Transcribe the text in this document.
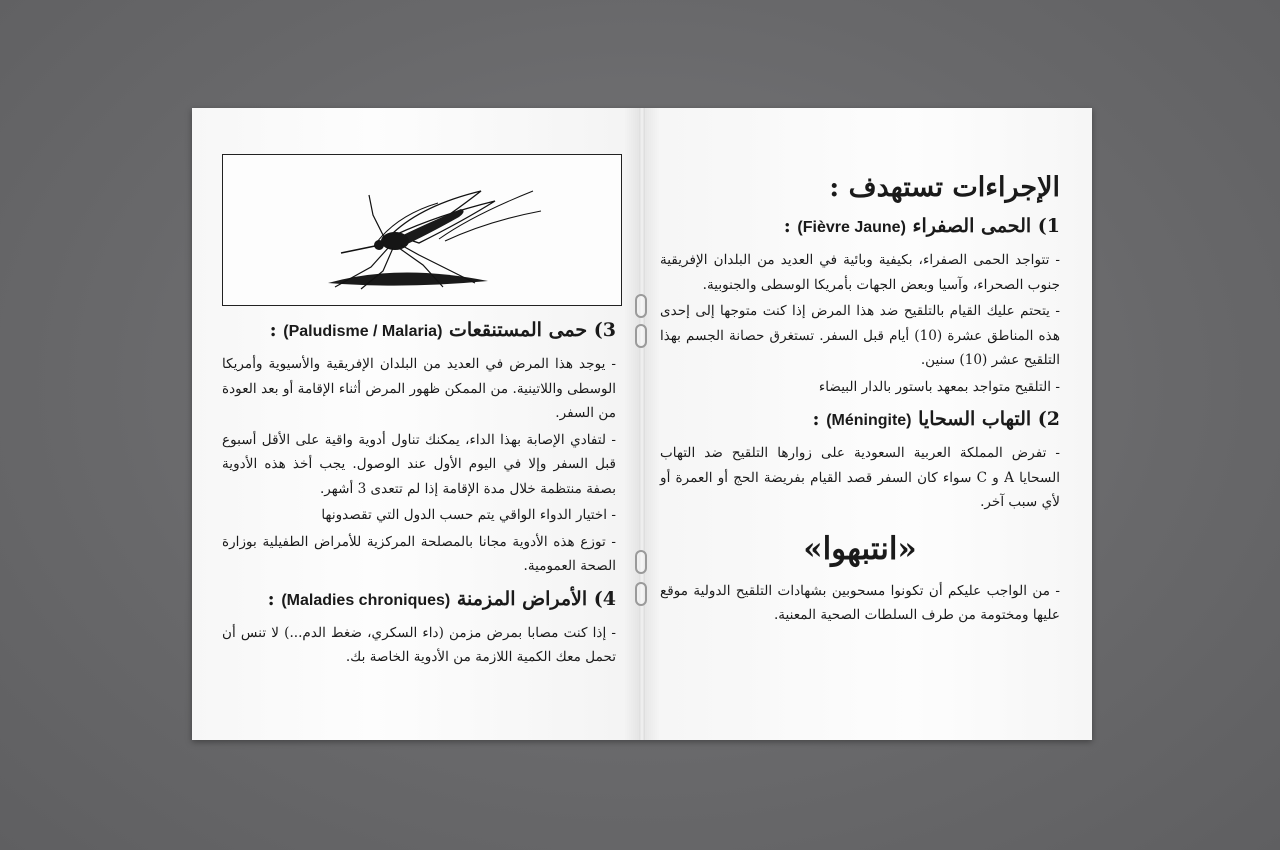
3) حمى المستنقعات (Paludisme / Malaria) :

- يوجد هذا المرض في العديد من البلدان الإفريقية والأسيوية وأمريكا الوسطى واللاتينية. من الممكن ظهور المرض أثناء الإقامة أو بعد العودة من السفر.

- لتفادي الإصابة بهذا الداء، يمكنك تناول أدوية واقية على الأقل أسبوع قبل السفر وإلا في اليوم الأول عند الوصول. يجب أخذ هذه الأدوية بصفة منتظمة خلال مدة الإقامة إذا لم تتعدى 3 أشهر.

- اختيار الدواء الواقي يتم حسب الدول التي تقصدونها

- توزع هذه الأدوية مجانا بالمصلحة المركزية للأمراض الطفيلية بوزارة الصحة العمومية.

4) الأمراض المزمنة (Maladies chroniques) :

- إذا كنت مصابا بمرض مزمن (داء السكري، ضغط الدم...) لا تنس أن تحمل معك الكمية اللازمة من الأدوية الخاصة بك.

الإجراءات تستهدف :
1) الحمى الصفراء (Fièvre Jaune) :

- تتواجد الحمى الصفراء، بكيفية وبائية في العديد من البلدان الإفريقية جنوب الصحراء، وآسيا وبعض الجهات بأمريكا الوسطى والجنوبية.

- يتحتم عليك القيام بالتلقيح ضد هذا المرض إذا كنت متوجها إلى إحدى هذه المناطق عشرة (10) أيام قبل السفر. تستغرق حصانة الجسم بهذا التلقيح عشر (10) سنين.

- التلقيح متواجد بمعهد باستور بالدار البيضاء

2) التهاب السحايا (Méningite) :

- تفرض المملكة العربية السعودية على زوارها التلقيح ضد التهاب السحايا A و C سواء كان السفر قصد القيام بفريضة الحج أو العمرة أو لأي سبب آخر.

«انتبهوا»

- من الواجب عليكم أن تكونوا مسحوبين بشهادات التلقيح الدولية موقع عليها ومختومة من طرف السلطات الصحية المعنية.
